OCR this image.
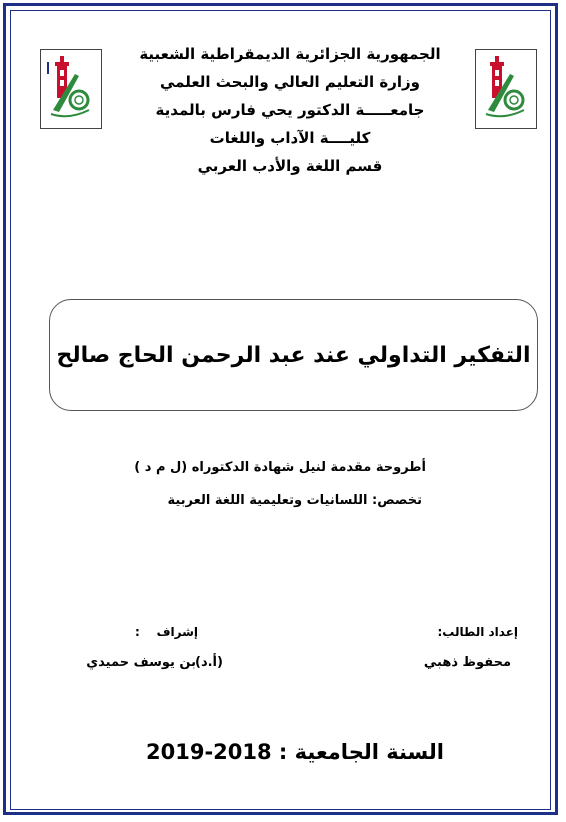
الجمهورية الجزائرية الديمقراطية الشعبية
وزارة التعليم العالي والبحث العلمي
جامعـــــة الدكتور يحي فارس بالمدية
كليــــة الآداب واللغات
قسم اللغة والأدب العربي
التفكير التداولي عند عبد الرحمن الحاج صالح
أطروحة مقدمة لنيل شهادة الدكتوراه (ل م د )
تخصص: اللسانيات وتعليمية اللغة العربية
إعداد الطالب:
محفوظ ذهبي
إشراف
:
(أ.د)
بن يوسف حميدي
السنة الجامعية : 2018-2019
